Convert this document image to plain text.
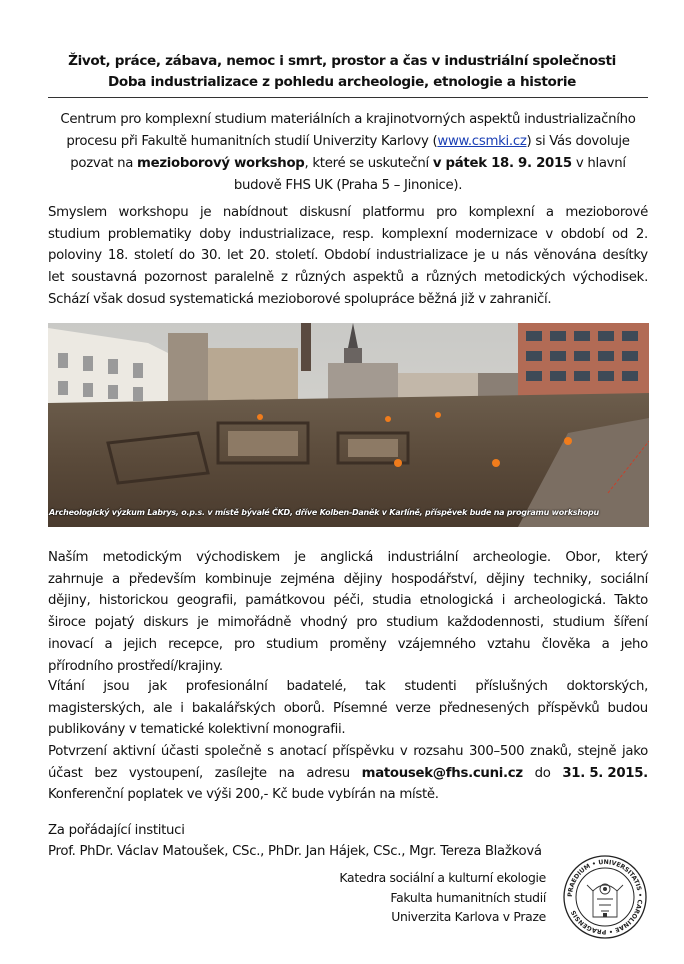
Život, práce, zábava, nemoc i smrt, prostor a čas v industriální společnosti
Doba industrializace z pohledu archeologie, etnologie a historie
Centrum pro komplexní studium materiálních a krajinotvorných aspektů industrializačního
procesu při Fakultě humanitních studií Univerzity Karlovy (www.csmki.cz) si Vás dovoluje
pozvat na mezioborový workshop, které se uskuteční v pátek 18. 9. 2015 v hlavní
budově FHS UK (Praha 5 – Jinonice).
Smyslem workshopu je nabídnout diskusní platformu pro komplexní a mezioborové
studium problematiky doby industrializace, resp. komplexní modernizace v období od 2.
poloviny 18. století do 30. let 20. století. Období industrializace je u nás věnována desítky
let soustavná pozornost paralelně z různých aspektů a různých metodických východisek.
Schází však dosud systematická mezioborové spolupráce běžná již v zahraničí.
Archeologický výzkum Labrys, o.p.s. v místě bývalé ČKD, dříve Kolben-Daněk v Karlíně, příspěvek bude na programu workshopu
Naším metodickým východiskem je anglická industriální archeologie. Obor, který
zahrnuje a především kombinuje zejména dějiny hospodářství, dějiny techniky, sociální
dějiny, historickou geografii, památkovou péči, studia etnologická i archeologická. Takto
široce pojatý diskurs je mimořádně vhodný pro studium každodennosti, studium šíření
inovací a jejich recepce, pro studium proměny vzájemného vztahu člověka a jeho
přírodního prostředí/krajiny.
Vítání jsou jak profesionální badatelé, tak studenti příslušných doktorských,
magisterských, ale i bakalářských oborů. Písemné verze přednesených příspěvků budou
publikovány v tematické kolektivní monografii.
Potvrzení aktivní účasti společně s anotací příspěvku v rozsahu 300–500 znaků, stejně jako
účast bez vystoupení, zasílejte na adresu matousek@fhs.cuni.cz do 31. 5. 2015.
Konferenční poplatek ve výši 200,- Kč bude vybírán na místě.
Za pořádající instituci
Prof. PhDr. Václav Matoušek, CSc., PhDr. Jan Hájek, CSc., Mgr. Tereza Blažková
Katedra sociální a kulturní ekologie
Fakulta humanitních studií
Univerzita Karlova v Praze
PRAEDIUM • UNIVERSITATIS • CAROLINAE • PRAGENSIS
